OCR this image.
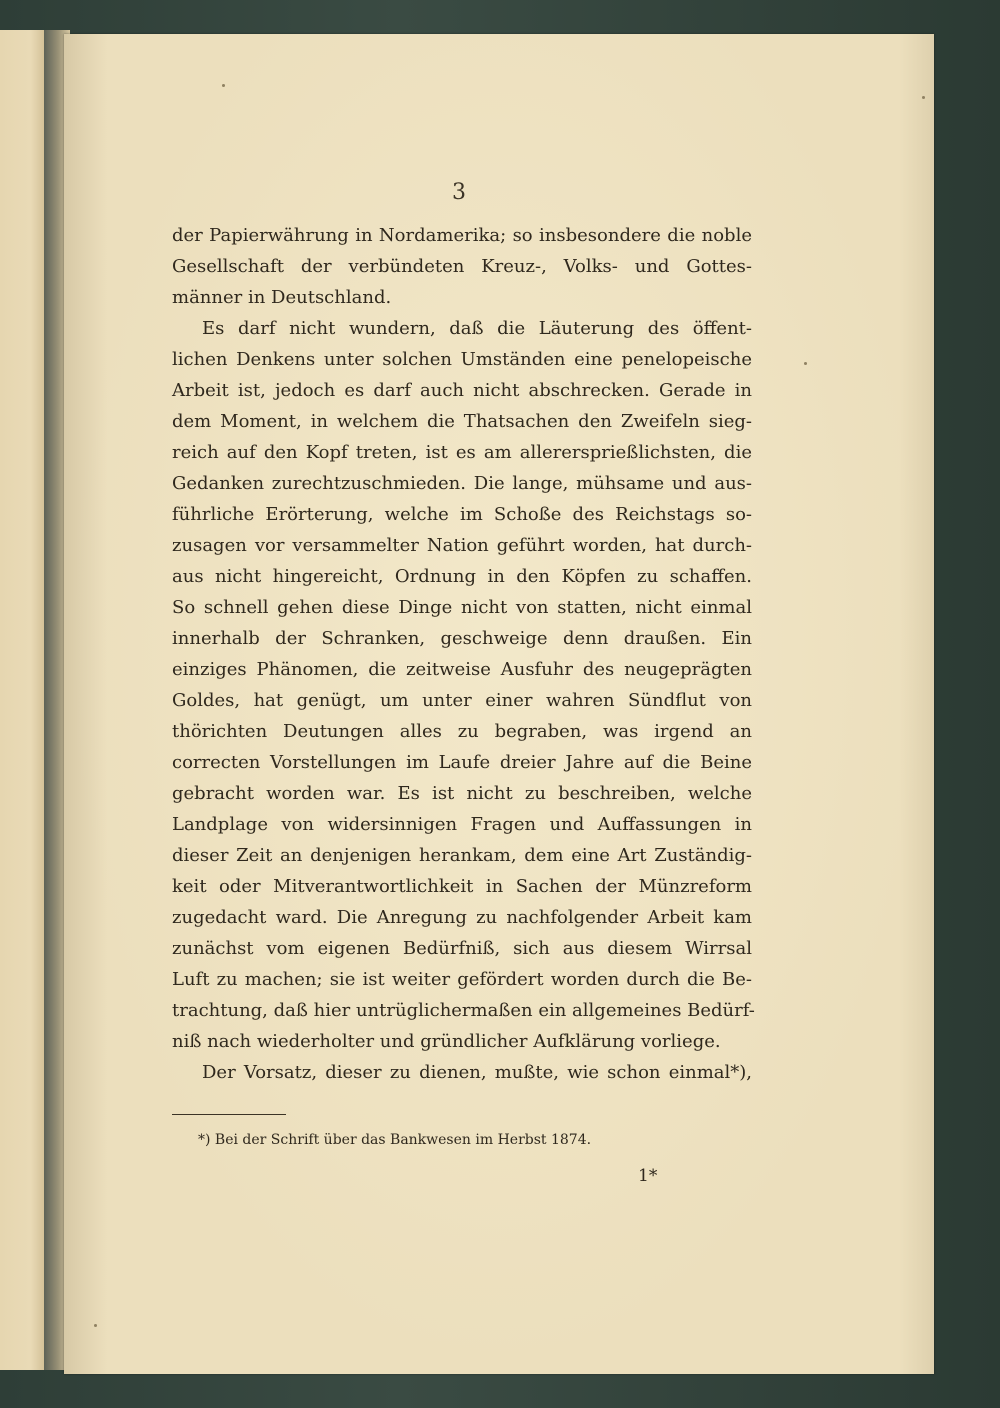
3
der Papierwährung in Nordamerika; so insbesondere die noble
Gesellschaft der verbündeten Kreuz-, Volks- und Gottes-
männer in Deutschland.
Es darf nicht wundern, daß die Läuterung des öffent-
lichen Denkens unter solchen Umständen eine penelopeische
Arbeit ist, jedoch es darf auch nicht abschrecken. Gerade in
dem Moment, in welchem die Thatsachen den Zweifeln sieg-
reich auf den Kopf treten, ist es am allerersprießlichsten, die
Gedanken zurechtzuschmieden. Die lange, mühsame und aus-
führliche Erörterung, welche im Schoße des Reichstags so-
zusagen vor versammelter Nation geführt worden, hat durch-
aus nicht hingereicht, Ordnung in den Köpfen zu schaffen.
So schnell gehen diese Dinge nicht von statten, nicht einmal
innerhalb der Schranken, geschweige denn draußen. Ein
einziges Phänomen, die zeitweise Ausfuhr des neugeprägten
Goldes, hat genügt, um unter einer wahren Sündflut von
thörichten Deutungen alles zu begraben, was irgend an
correcten Vorstellungen im Laufe dreier Jahre auf die Beine
gebracht worden war. Es ist nicht zu beschreiben, welche
Landplage von widersinnigen Fragen und Auffassungen in
dieser Zeit an denjenigen herankam, dem eine Art Zuständig-
keit oder Mitverantwortlichkeit in Sachen der Münzreform
zugedacht ward. Die Anregung zu nachfolgender Arbeit kam
zunächst vom eigenen Bedürfniß, sich aus diesem Wirrsal
Luft zu machen; sie ist weiter gefördert worden durch die Be-
trachtung, daß hier untrüglichermaßen ein allgemeines Bedürf-
niß nach wiederholter und gründlicher Aufklärung vorliege.
Der Vorsatz, dieser zu dienen, mußte, wie schon einmal*),
*) Bei der Schrift über das Bankwesen im Herbst 1874.
1*
